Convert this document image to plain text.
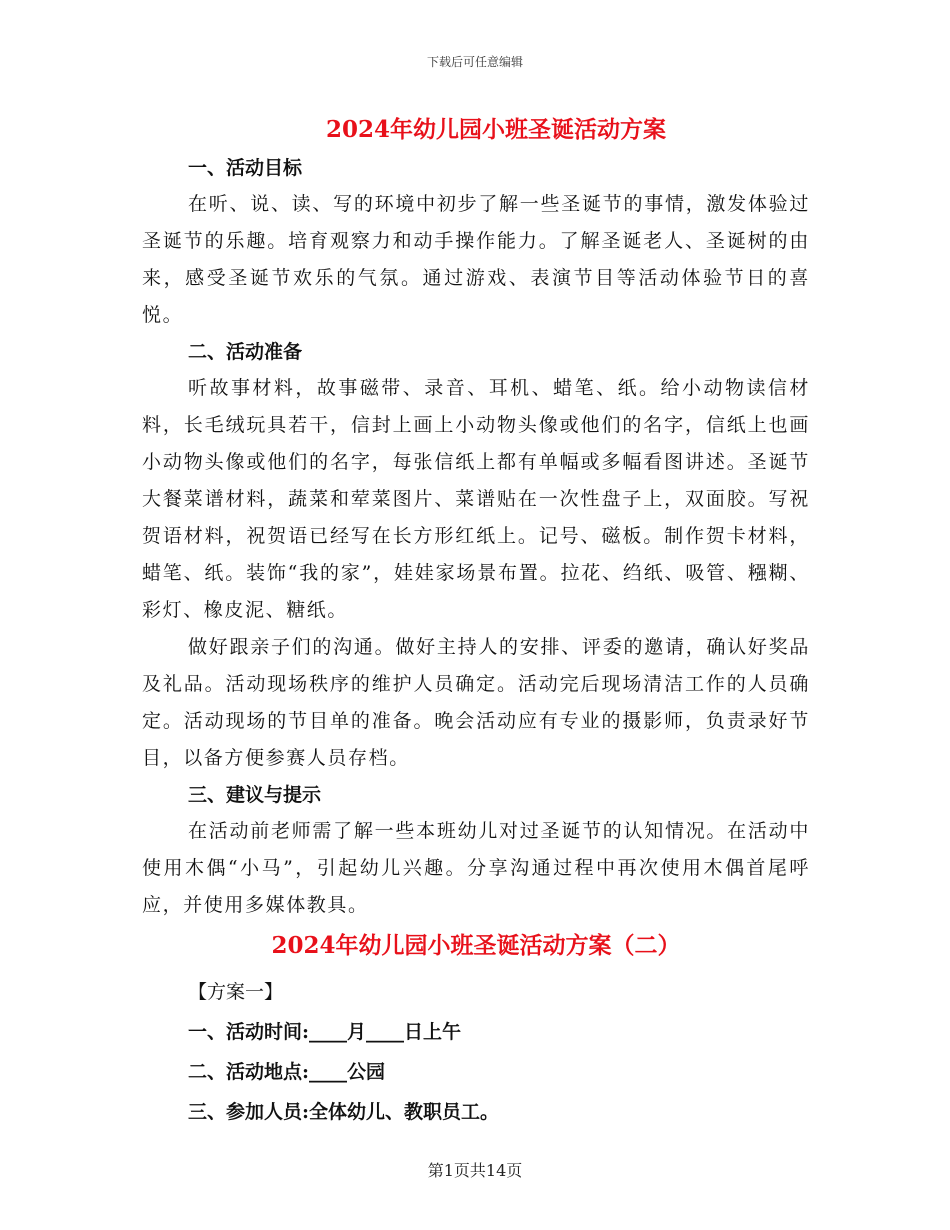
下载后可任意编辑
2024年幼儿园小班圣诞活动方案
一、活动目标

在听、说、读、写的环境中初步了解一些圣诞节的事情，激发体验过圣诞节的乐趣。培育观察力和动手操作能力。了解圣诞老人、圣诞树的由来，感受圣诞节欢乐的气氛。通过游戏、表演节目等活动体验节日的喜悦。

二、活动准备

听故事材料，故事磁带、录音、耳机、蜡笔、纸。给小动物读信材料，长毛绒玩具若干，信封上画上小动物头像或他们的名字，信纸上也画小动物头像或他们的名字，每张信纸上都有单幅或多幅看图讲述。圣诞节大餐菜谱材料，蔬菜和荤菜图片、菜谱贴在一次性盘子上，双面胶。写祝贺语材料，祝贺语已经写在长方形红纸上。记号、磁板。制作贺卡材料，蜡笔、纸。装饰“我的家”，娃娃家场景布置。拉花、绉纸、吸管、糨糊、彩灯、橡皮泥、糖纸。

做好跟亲子们的沟通。做好主持人的安排、评委的邀请，确认好奖品及礼品。活动现场秩序的维护人员确定。活动完后现场清洁工作的人员确定。活动现场的节目单的准备。晚会活动应有专业的摄影师，负责录好节目，以备方便参赛人员存档。

三、建议与提示

在活动前老师需了解一些本班幼儿对过圣诞节的认知情况。在活动中使用木偶“小马”，引起幼儿兴趣。分享沟通过程中再次使用木偶首尾呼应，并使用多媒体教具。

2024年幼儿园小班圣诞活动方案（二）

【方案一】

一、活动时间:____月____日上午

二、活动地点:____公园

三、参加人员:全体幼儿、教职员工。

第1页共14页
